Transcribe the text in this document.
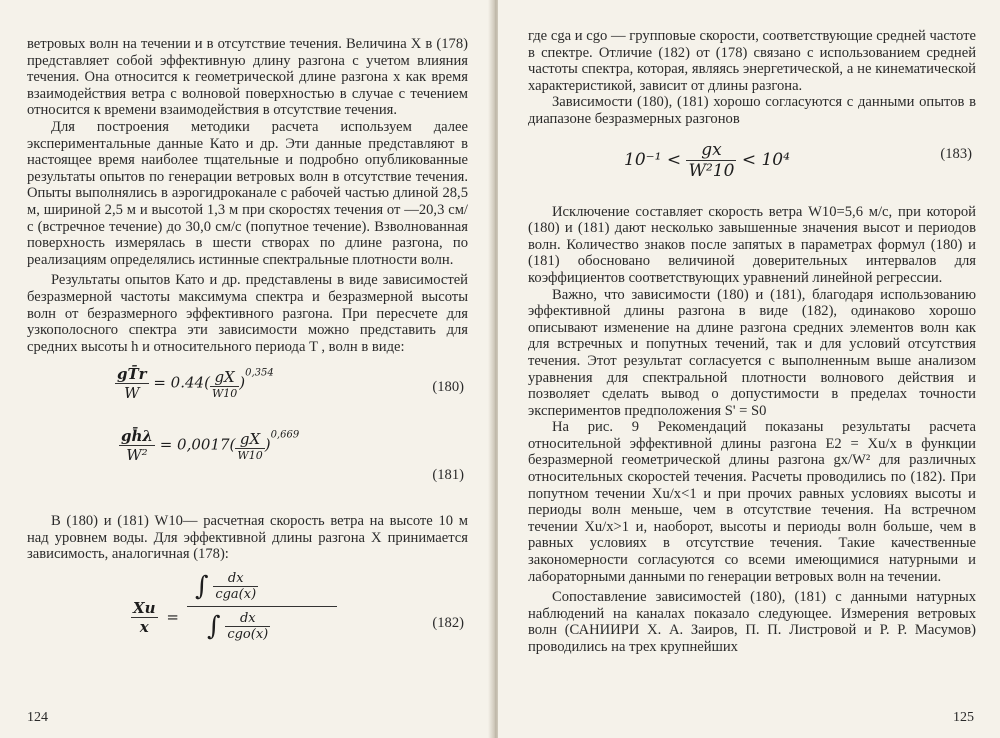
ветровых волн на течении и в отсутствие течения. Величина X в (178) представляет собой эффективную длину разгона с учетом влияния течения. Она относится к геометрической длине разгона x как время взаимодействия ветра с волновой поверхностью в случае с течением относится к времени взаимодействия в отсутствие течения.

Для построения методики расчета используем далее экспериментальные данные Като и др. Эти данные представляют в настоящее время наиболее тщательные и подробно опубликованные результаты опытов по генерации ветровых волн в отсутствие течения. Опыты выполнялись в аэрогидроканале с рабочей частью длиной 28,5 м, шириной 2,5 м и высотой 1,3 м при скоростях течения от —20,3 см/с (встречное течение) до 30,0 см/с (попутное течение). Взволнованная поверхность измерялась в шести створах по длине разгона, по реализациям определялись истинные спектральные плотности волн.

Результаты опытов Като и др. представлены в виде зависимостей безразмерной частоты максимума спектра и безразмерной высоты волн от безразмерного эффективного разгона. При пересчете для узкополосного спектра эти зависимости можно представить для средних высоты h и относительного периода T , волн в виде:

$\frac{gT̄r}{W} = 0.44( \frac{gX}{W10} )^{0,354}$
(180)
$\frac{gh̄\lambda}{\text{W²}} = 0,0017( \frac{gX}{W10} )^{0,669}$
(181)

В (180) и (181) W10— расчетная скорость ветра на высоте 10 м над уровнем воды. Для эффективной длины разгона X принимается зависимость, аналогичная (178):

$\frac{Xu}{x}$ =
∫ $\frac{dx}{\text{cga(x)}}$
∫ $\frac{dx}{\text{cgo(x)}}$	(182)
124

где cga и cgo — групповые скорости, соответствующие средней частоте в спектре. Отличие (182) от (178) связано с использованием средней частоты спектра, которая, являясь энергетической, а не кинематической характеристикой, зависит от длины разгона.

Зависимости (180), (181) хорошо согласуются с данными опытов в диапазоне безразмерных разгонов

$10^{-1} < \frac{gx}{\text{W²10}} < 10^4$	(183)

Исключение составляет скорость ветра W10=5,6 м/с, при которой (180) и (181) дают несколько завышенные значения высот и периодов волн. Количество знаков после запятых в параметрах формул (180) и (181) обосновано величиной доверительных интервалов для коэффициентов соответствующих уравнений линейной регрессии.

Важно, что зависимости (180) и (181), благодаря использованию эффективной длины разгона в виде (182), одинаково хорошо описывают изменение на длине разгона средних элементов волн как для встречных и попутных течений, так и для условий отсутствия течения. Этот результат согласуется с выполненным выше анализом уравнения для спектральной плотности волнового действия и позволяет сделать вывод о допустимости в пределах точности экспериментов предположения S' = S0

На рис. 9 Рекомендаций показаны результаты расчета относительной эффективной длины разгона E2 = Xu/x в функции безразмерной геометрической длины разгона gx/W² для различных относительных скоростей течения. Расчеты проводились по (182). При попутном течении Xu/x<1 и при прочих равных условиях высоты и периоды волн меньше, чем в отсутствие течения. На встречном течении Xu/x>1 и, наоборот, высоты и периоды волн больше, чем в равных условиях в отсутствие течения. Такие качественные закономерности согласуются со всеми имеющимися натурными и лабораторными данными по генерации ветровых волн на течении.

Сопоставление зависимостей (180), (181) с данными натурных наблюдений на каналах показало следующее. Измерения ветровых волн (САНИИРИ Х. А. Заиров, П. П. Листровой и Р. Р. Масумов) проводились на трех крупнейших

125
